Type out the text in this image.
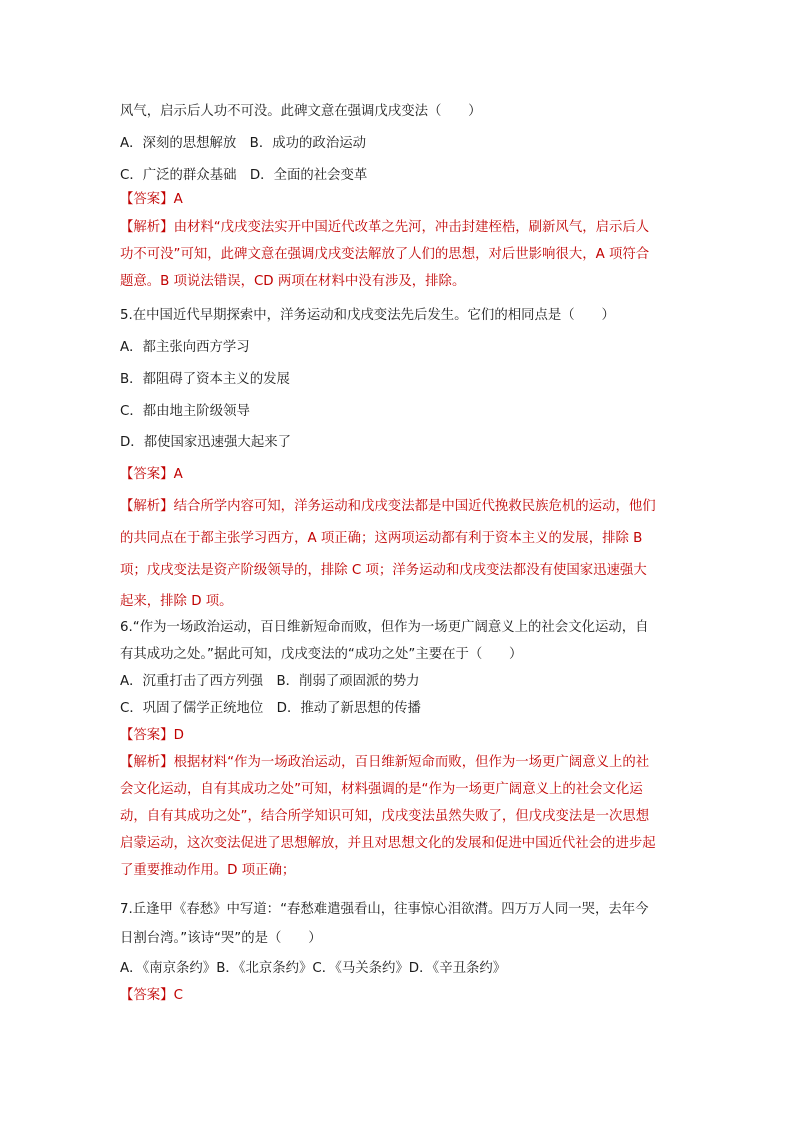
风气，启示后人功不可没。此碑文意在强调戊戌变法（　　）
A．深刻的思想解放　B．成功的政治运动
C．广泛的群众基础　D．全面的社会变革
【答案】A
【解析】由材料“戊戌变法实开中国近代改革之先河，冲击封建桎梏，刷新风气，启示后人
功不可没”可知，此碑文意在强调戊戌变法解放了人们的思想，对后世影响很大，A 项符合
题意。B 项说法错误，CD 两项在材料中没有涉及，排除。
5.在中国近代早期探索中，洋务运动和戊戌变法先后发生。它们的相同点是（　　）
A．都主张向西方学习
B．都阻碍了资本主义的发展
C．都由地主阶级领导
D．都使国家迅速强大起来了
【答案】A
【解析】结合所学内容可知，洋务运动和戊戌变法都是中国近代挽救民族危机的运动，他们
的共同点在于都主张学习西方，A 项正确；这两项运动都有利于资本主义的发展，排除 B
项；戊戌变法是资产阶级领导的，排除 C 项；洋务运动和戊戌变法都没有使国家迅速强大
起来，排除 D 项。
6.“作为一场政治运动，百日维新短命而败，但作为一场更广阔意义上的社会文化运动，自
有其成功之处。”据此可知，戊戌变法的“成功之处”主要在于（　　）
A．沉重打击了西方列强　B．削弱了顽固派的势力
C．巩固了儒学正统地位　D．推动了新思想的传播
【答案】D
【解析】根据材料“作为一场政治运动，百日维新短命而败，但作为一场更广阔意义上的社
会文化运动，自有其成功之处”可知，材料强调的是“作为一场更广阔意义上的社会文化运
动，自有其成功之处”，结合所学知识可知，戊戌变法虽然失败了，但戊戌变法是一次思想
启蒙运动，这次变法促进了思想解放，并且对思想文化的发展和促进中国近代社会的进步起
了重要推动作用。D 项正确；
7.丘逢甲《春愁》中写道：“春愁难遣强看山，往事惊心泪欲潸。四万万人同一哭，去年今
日割台湾。”该诗“哭”的是（　　）
A．《南京条约》B．《北京条约》C．《马关条约》D．《辛丑条约》
【答案】C
